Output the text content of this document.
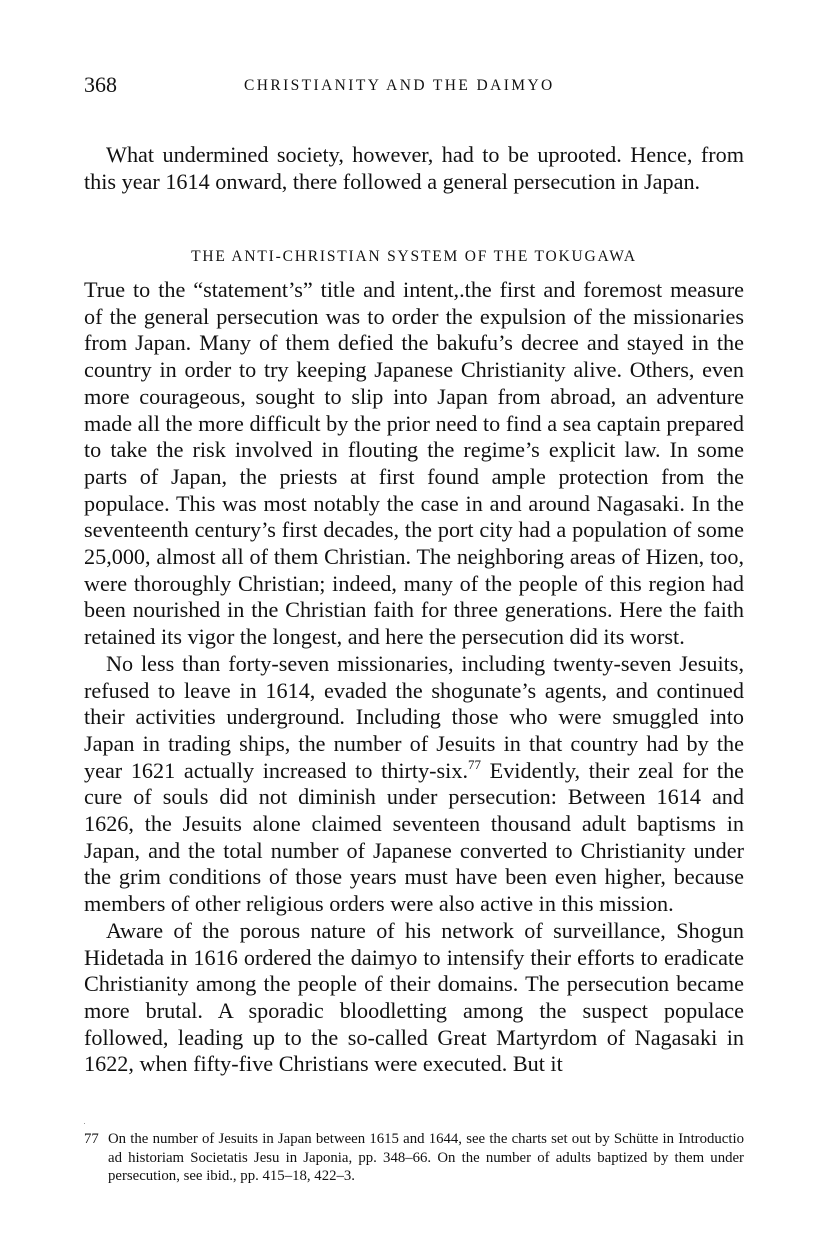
368	CHRISTIANITY AND THE DAIMYO

What undermined society, however, had to be uprooted. Hence, from this year 1614 onward, there followed a general persecution in Japan.

THE ANTI-CHRISTIAN SYSTEM OF THE TOKUGAWA

True to the “statement’s” title and intent,.the first and foremost measure of the general persecution was to order the expulsion of the missionaries from Japan. Many of them defied the bakufu’s decree and stayed in the country in order to try keeping Japanese Christianity alive. Others, even more courageous, sought to slip into Japan from abroad, an adventure made all the more difficult by the prior need to find a sea captain prepared to take the risk involved in flouting the regime’s explicit law. In some parts of Japan, the priests at first found ample protection from the populace. This was most notably the case in and around Nagasaki. In the seventeenth century’s first decades, the port city had a population of some 25,000, almost all of them Christian. The neighboring areas of Hizen, too, were thoroughly Christian; indeed, many of the people of this region had been nourished in the Christian faith for three generations. Here the faith retained its vigor the longest, and here the persecution did its worst.

No less than forty-seven missionaries, including twenty-seven Jesuits, refused to leave in 1614, evaded the shogunate’s agents, and continued their activities underground. Including those who were smuggled into Japan in trading ships, the number of Jesuits in that country had by the year 1621 actually increased to thirty-six.$^{77}$ Evidently, their zeal for the cure of souls did not diminish under persecution: Between 1614 and 1626, the Jesuits alone claimed seventeen thousand adult baptisms in Japan, and the total number of Japanese converted to Christianity under the grim conditions of those years must have been even higher, because members of other religious orders were also active in this mission.

Aware of the porous nature of his network of surveillance, Shogun Hidetada in 1616 ordered the daimyo to intensify their efforts to eradicate Christianity among the people of their domains. The persecution became more brutal. A sporadic bloodletting among the suspect populace followed, leading up to the so-called Great Martyrdom of Nagasaki in 1622, when fifty-five Christians were executed. But it

77 On the number of Jesuits in Japan between 1615 and 1644, see the charts set out by Schütte in Introductio ad historiam Societatis Jesu in Japonia, pp. 348–66. On the number of adults baptized by them under persecution, see ibid., pp. 415–18, 422–3.
